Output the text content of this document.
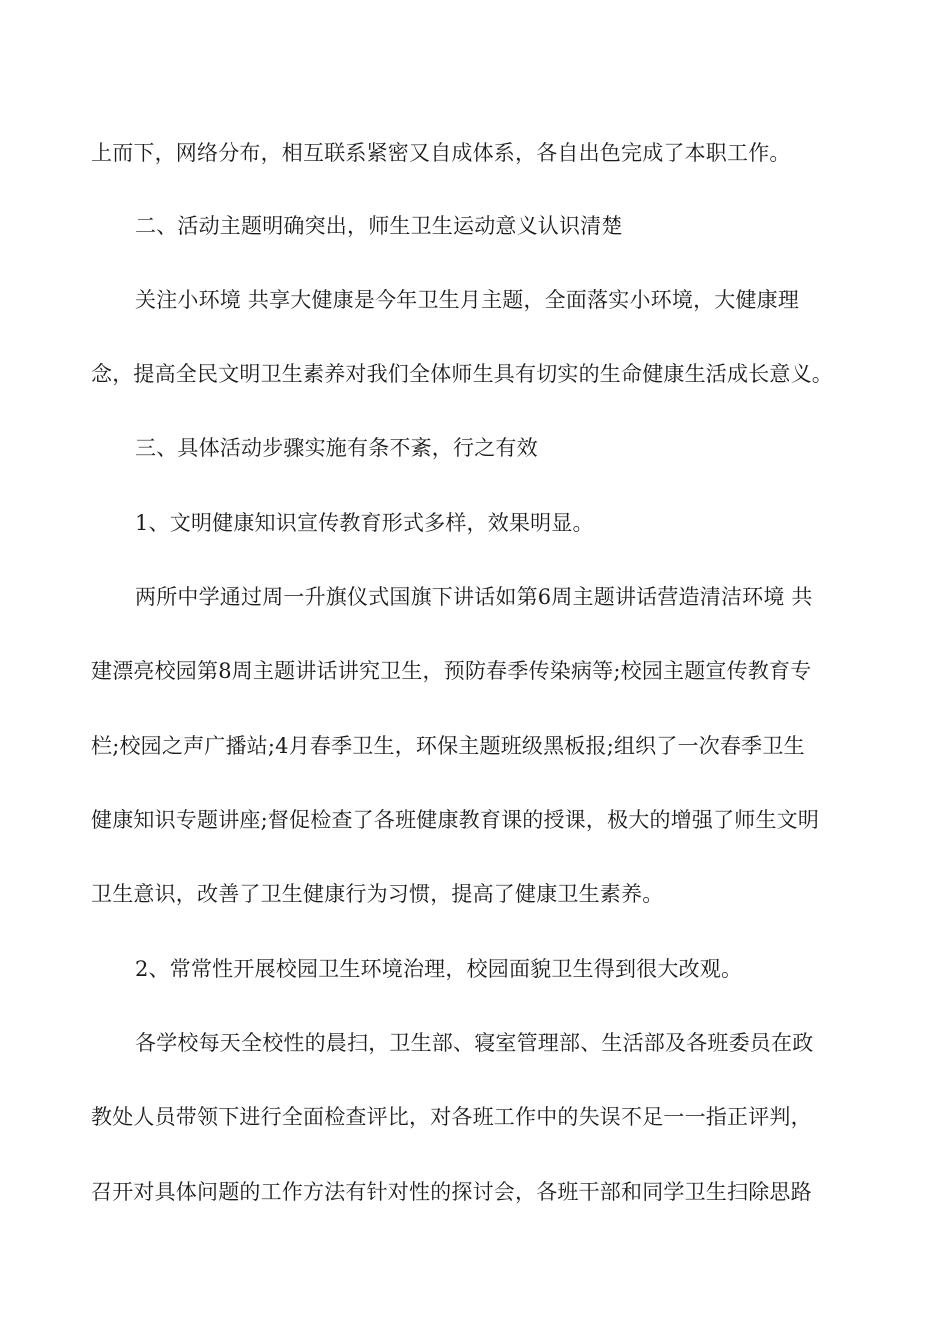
上而下，网络分布，相互联系紧密又自成体系，各自出色完成了本职工作。
二、活动主题明确突出，师生卫生运动意义认识清楚
关注小环境 共享大健康是今年卫生月主题，全面落实小环境，大健康理
念，提高全民文明卫生素养对我们全体师生具有切实的生命健康生活成长意义。
三、具体活动步骤实施有条不紊，行之有效
1、文明健康知识宣传教育形式多样，效果明显。
两所中学通过周一升旗仪式国旗下讲话如第6周主题讲话营造清洁环境 共
建漂亮校园第8周主题讲话讲究卫生，预防春季传染病等;校园主题宣传教育专
栏;校园之声广播站;4月春季卫生，环保主题班级黑板报;组织了一次春季卫生
健康知识专题讲座;督促检查了各班健康教育课的授课，极大的增强了师生文明
卫生意识，改善了卫生健康行为习惯，提高了健康卫生素养。
2、常常性开展校园卫生环境治理，校园面貌卫生得到很大改观。
各学校每天全校性的晨扫，卫生部、寝室管理部、生活部及各班委员在政
教处人员带领下进行全面检查评比，对各班工作中的失误不足一一指正评判，
召开对具体问题的工作方法有针对性的探讨会，各班干部和同学卫生扫除思路
